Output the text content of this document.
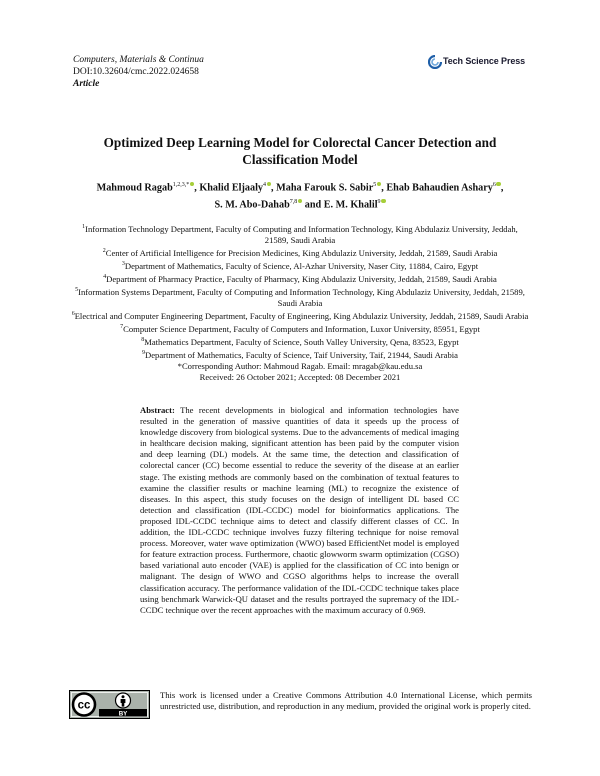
Computers, Materials & Continua
DOI:10.32604/cmc.2022.024658
Article
Tech Science Press
Optimized Deep Learning Model for Colorectal Cancer Detection and Classification Model
Mahmoud Ragab$^{1,2,3,*}$ , Khalid Eljaaly$^4$ , Maha Farouk S. Sabir$^5$ , Ehab Bahaudien Ashary$^6$ ,
S. M. Abo-Dahab$^{7,8}$ and E. M. Khalil$^9$
$^1$Information Technology Department, Faculty of Computing and Information Technology, King Abdulaziz University, Jeddah, 21589, Saudi Arabia
$^2$Center of Artificial Intelligence for Precision Medicines, King Abdulaziz University, Jeddah, 21589, Saudi Arabia
$^3$Department of Mathematics, Faculty of Science, Al-Azhar University, Naser City, 11884, Cairo, Egypt
$^4$Department of Pharmacy Practice, Faculty of Pharmacy, King Abdulaziz University, Jeddah, 21589, Saudi Arabia
$^5$Information Systems Department, Faculty of Computing and Information Technology, King Abdulaziz University, Jeddah, 21589, Saudi Arabia
$^6$Electrical and Computer Engineering Department, Faculty of Engineering, King Abdulaziz University, Jeddah, 21589, Saudi Arabia
$^7$Computer Science Department, Faculty of Computers and Information, Luxor University, 85951, Egypt
$^8$Mathematics Department, Faculty of Science, South Valley University, Qena, 83523, Egypt
$^9$Department of Mathematics, Faculty of Science, Taif University, Taif, 21944, Saudi Arabia
*Corresponding Author: Mahmoud Ragab. Email: mragab@kau.edu.sa
Received: 26 October 2021; Accepted: 08 December 2021
Abstract: The recent developments in biological and information technologies have resulted in the generation of massive quantities of data it speeds up the process of knowledge discovery from biological systems. Due to the advancements of medical imaging in healthcare decision making, significant attention has been paid by the computer vision and deep learning (DL) models. At the same time, the detection and classification of colorectal cancer (CC) become essential to reduce the severity of the disease at an earlier stage. The existing methods are commonly based on the combination of textual features to examine the classifier results or machine learning (ML) to recognize the existence of diseases. In this aspect, this study focuses on the design of intelligent DL based CC detection and classification (IDL-CCDC) model for bioinformatics applications. The proposed IDL-CCDC technique aims to detect and classify different classes of CC. In addition, the IDL-CCDC technique involves fuzzy filtering technique for noise removal process. Moreover, water wave optimization (WWO) based EfficientNet model is employed for feature extraction process. Furthermore, chaotic glowworm swarm optimization (CGSO) based variational auto encoder (VAE) is applied for the classification of CC into benign or malignant. The design of WWO and CGSO algorithms helps to increase the overall classification accuracy. The performance validation of the IDL-CCDC technique takes place using benchmark Warwick-QU dataset and the results portrayed the supremacy of the IDL-CCDC technique over the recent approaches with the maximum accuracy of 0.969.
cc
BY
This work is licensed under a Creative Commons Attribution 4.0 International License, which permits unrestricted use, distribution, and reproduction in any medium, provided the original work is properly cited.
